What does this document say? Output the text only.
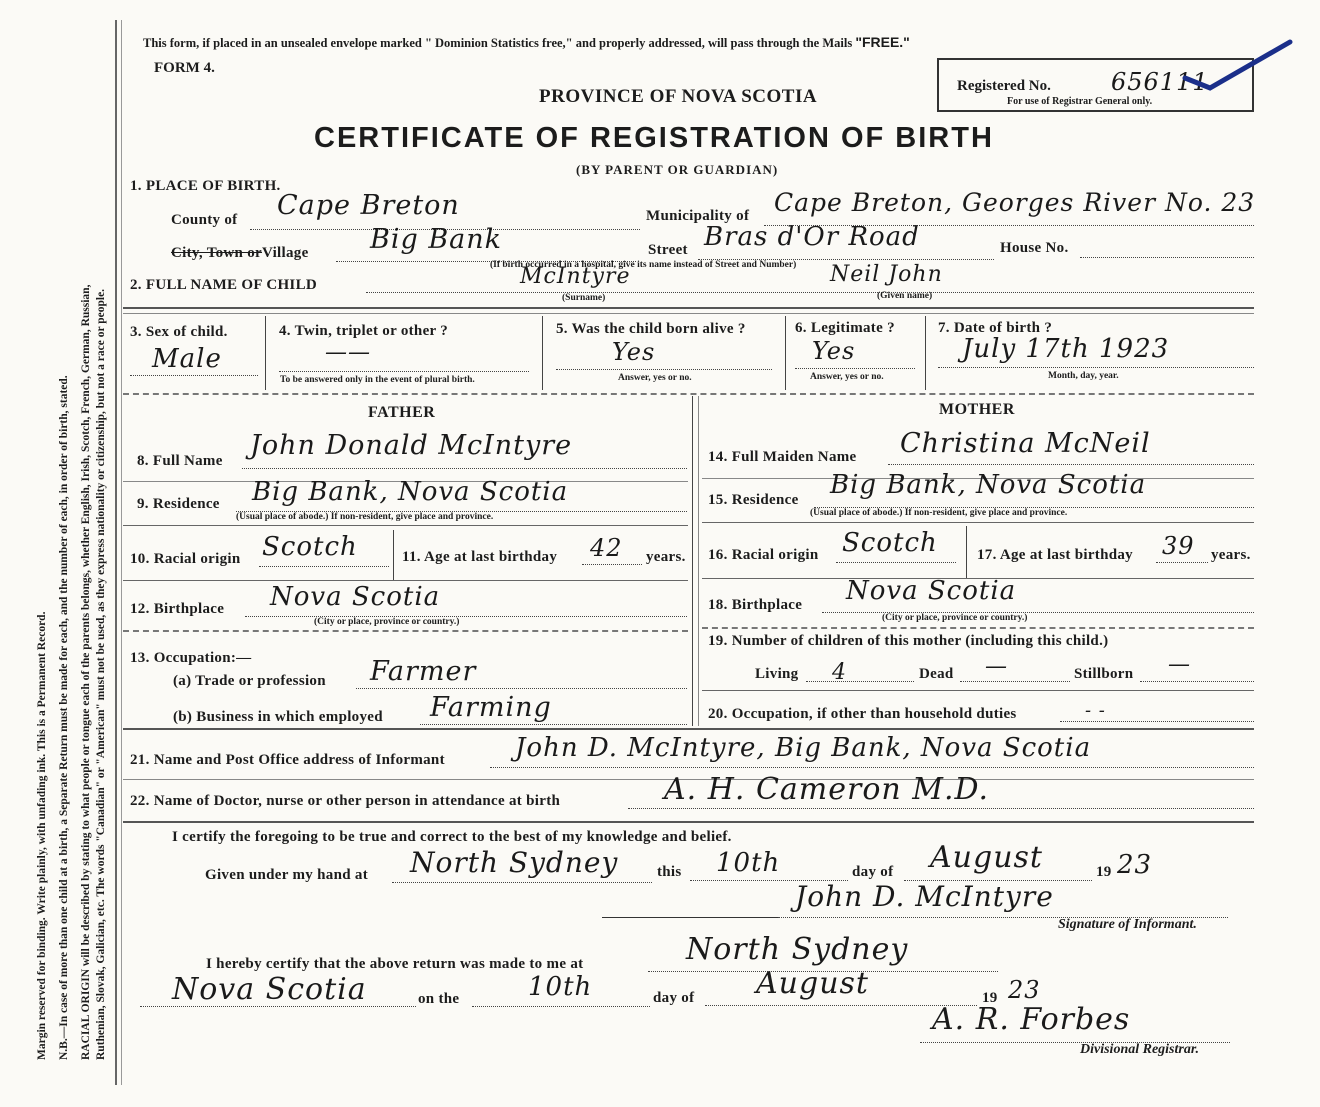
Margin reserved for binding. Write plainly, with unfading ink. This is a Permanent Record. N.B.—In case of more than one child at a birth, a Separate Return must be made for each, and the number of each, in order of birth, stated. RACIAL ORIGIN will be described by stating to what people or tongue each of the parents belongs, whether English, Irish, Scotch, French, German, Russian, Ruthenian, Slovak, Galician, etc. The words "Canadian" or "American" must not be used, as they express nationality or citizenship, but not a race or people.
This form, if placed in an unsealed envelope marked " Dominion Statistics free," and properly addressed, will pass through the Mails "FREE."
FORM 4.
PROVINCE OF NOVA SCOTIA	Registered No.	656111
For use of Registrar General only.
CERTIFICATE OF REGISTRATION OF BIRTH
(BY PARENT OR GUARDIAN)
1. PLACE OF BIRTH.
County of Cape Breton	Municipality of Cape Breton, Georges River No. 23
City, Town orVillage Big Bank	Street Bras d'Or Road	House No.
(If birth occurred in a hospital, give its name instead of Street and Number)
2. FULL NAME OF CHILD	McIntyre
(Surname)
Neil John
(Given name)
3. Sex of child.
Male
4. Twin, triplet or other ?
——
To be answered only in the event of plural birth.
5. Was the child born alive ?
Yes
Answer, yes or no.
6. Legitimate ?
Yes
Answer, yes or no.
7. Date of birth ?
July 17th 1923
Month, day, year.
FATHER
8. Full Name John Donald McIntyre
9. Residence Big Bank, Nova Scotia
(Usual place of abode.) If non-resident, give place and province.
10. Racial origin Scotch	11. Age at last birthday 42 years.
12. Birthplace Nova Scotia
(City or place, province or country.)
13. Occupation:—
(a) Trade or profession Farmer
(b) Business in which employed Farming
MOTHER
14. Full Maiden Name Christina McNeil
15. Residence Big Bank, Nova Scotia
(Usual place of abode.) If non-resident, give place and province.
16. Racial origin Scotch	17. Age at last birthday 39 years.
18. Birthplace Nova Scotia
(City or place, province or country.)
19. Number of children of this mother (including this child.)
Living 4	Dead —	Stillborn —
20. Occupation, if other than household duties	- -
21. Name and Post Office address of Informant	John D. McIntyre, Big Bank, Nova Scotia
22. Name of Doctor, nurse or other person in attendance at birth	A. H. Cameron M.D.
I certify the foregoing to be true and correct to the best of my knowledge and belief.
Given under my hand at North Sydney	this 10th	day of August	19 23
John D. McIntyre
Signature of Informant.
I hereby certify that the above return was made to me at	North Sydney
Nova Scotia	on the	10th	day of August	19 23
A. R. Forbes
Divisional Registrar.
